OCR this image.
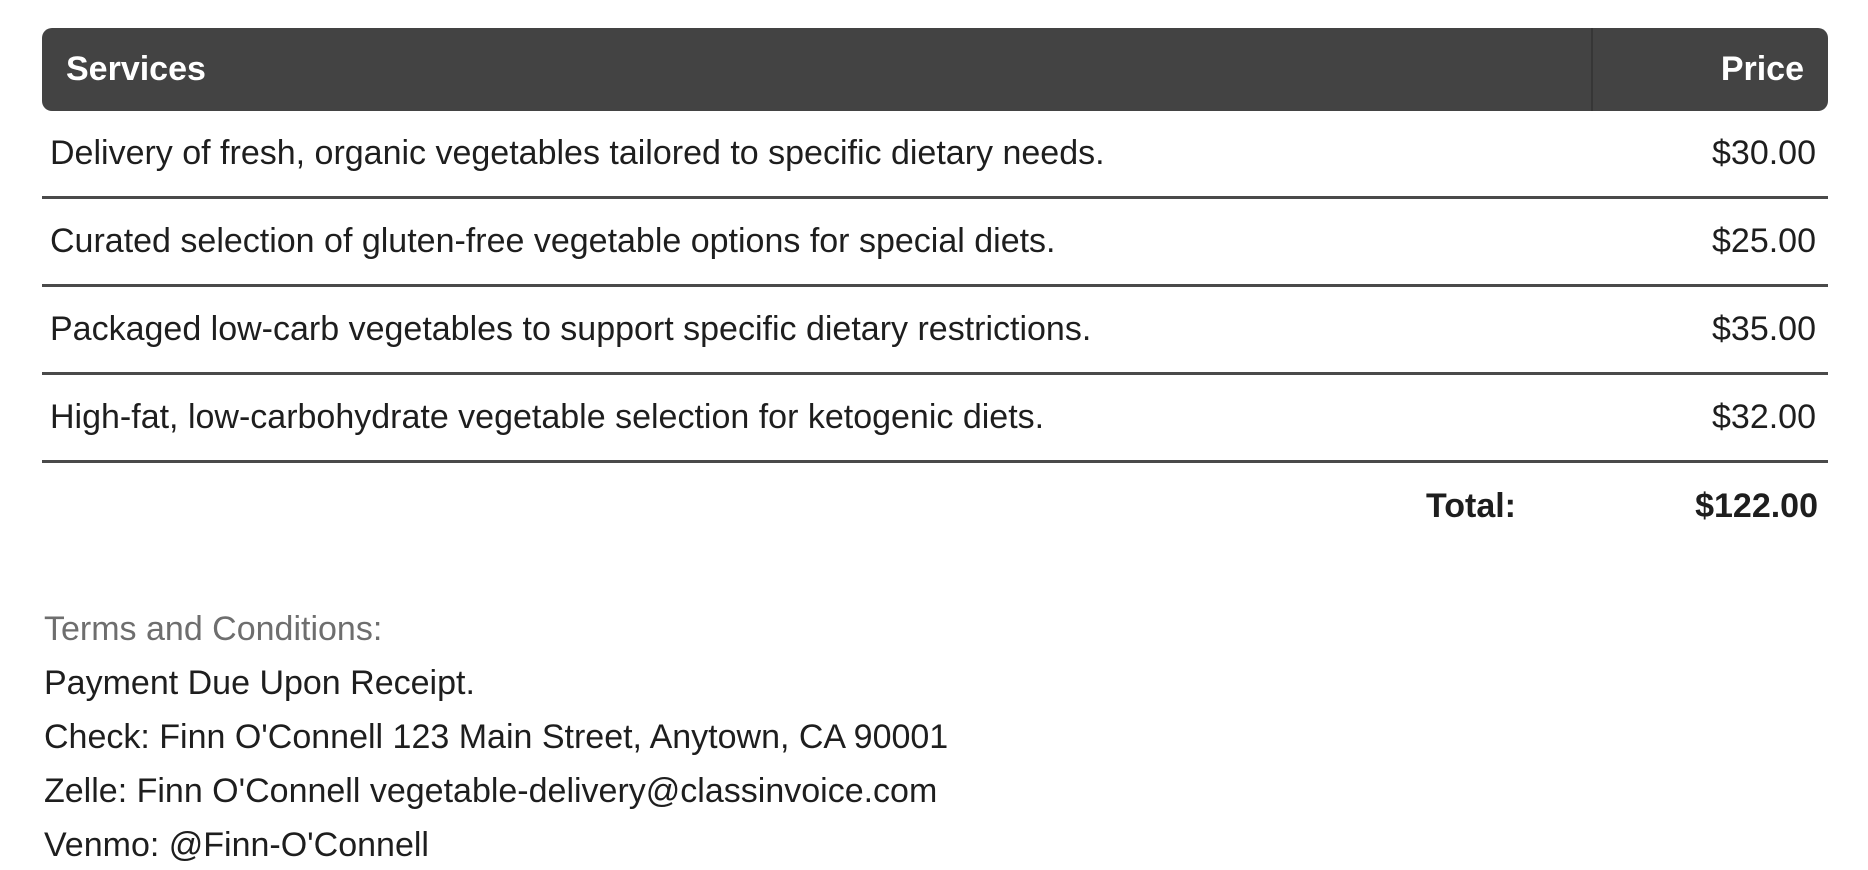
Services	Price
Delivery of fresh, organic vegetables tailored to specific dietary needs.	$30.00
Curated selection of gluten-free vegetable options for special diets.	$25.00
Packaged low-carb vegetables to support specific dietary restrictions.	$35.00
High-fat, low-carbohydrate vegetable selection for ketogenic diets.	$32.00
Total:	$122.00
Terms and Conditions:
Payment Due Upon Receipt.
Check: Finn O'Connell 123 Main Street, Anytown, CA 90001
Zelle: Finn O'Connell vegetable-delivery@classinvoice.com
Venmo: @Finn-O'Connell
